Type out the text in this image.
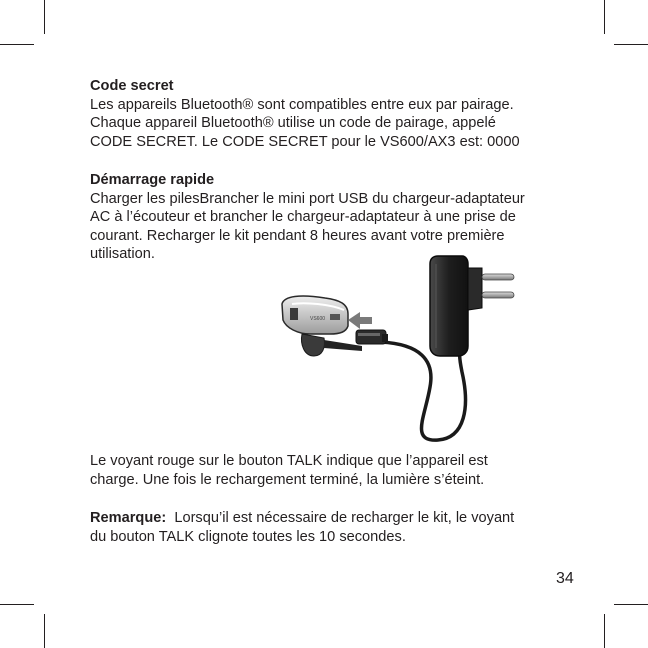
Code secret

Les appareils Bluetooth® sont compatibles entre eux par pairage.

Chaque appareil Bluetooth® utilise un code de pairage, appelé

CODE SECRET. Le CODE SECRET pour le VS600/AX3 est: 0000

Démarrage rapide

Charger les pilesBrancher le mini port USB du chargeur-adaptateur

AC à l’écouteur et brancher le chargeur-adaptateur à une prise de

courant. Recharger le kit pendant 8 heures avant votre première

utilisation.

VS600

Le voyant rouge sur le bouton TALK indique que l’appareil est

charge. Une fois le rechargement terminé, la lumière s’éteint.

Remarque:  Lorsqu’il est nécessaire de recharger le kit, le voyant

du bouton TALK clignote toutes les 10 secondes.

34
